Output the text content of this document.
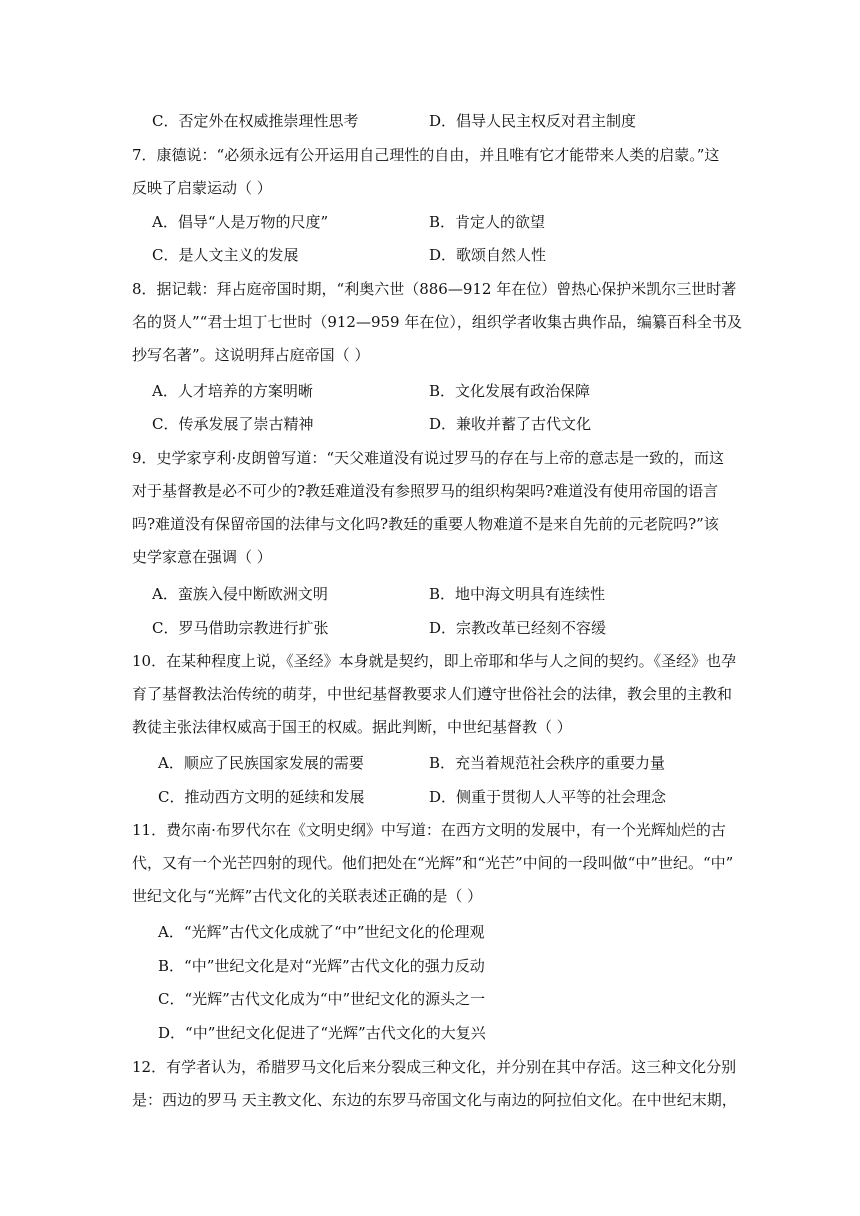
C．否定外在权威推崇理性思考	D．倡导人民主权反对君主制度
7．康德说：“必须永远有公开运用自己理性的自由，并且唯有它才能带来人类的启蒙。”这
反映了启蒙运动（ ）
A．倡导“人是万物的尺度”	B．肯定人的欲望
C．是人文主义的发展	D．歌颂自然人性
8．据记载：拜占庭帝国时期，“利奥六世（886—912 年在位）曾热心保护米凯尔三世时著
名的贤人”“君士坦丁七世时（912—959 年在位），组织学者收集古典作品，编纂百科全书及
抄写名著”。这说明拜占庭帝国（ ）
A．人才培养的方案明晰	B．文化发展有政治保障
C．传承发展了崇古精神	D．兼收并蓄了古代文化
9．史学家亨利·皮朗曾写道：“天父难道没有说过罗马的存在与上帝的意志是一致的，而这
对于基督教是必不可少的?教廷难道没有参照罗马的组织构架吗?难道没有使用帝国的语言
吗?难道没有保留帝国的法律与文化吗?教廷的重要人物难道不是来自先前的元老院吗?”该
史学家意在强调（ ）
A．蛮族入侵中断欧洲文明	B．地中海文明具有连续性
C．罗马借助宗教进行扩张	D．宗教改革已经刻不容缓
10．在某种程度上说，《圣经》本身就是契约，即上帝耶和华与人之间的契约。《圣经》也孕
育了基督教法治传统的萌芽，中世纪基督教要求人们遵守世俗社会的法律，教会里的主教和
教徒主张法律权威高于国王的权威。据此判断，中世纪基督教（ ）
A．顺应了民族国家发展的需要	B．充当着规范社会秩序的重要力量
C．推动西方文明的延续和发展	D．侧重于贯彻人人平等的社会理念
11．费尔南·布罗代尔在《文明史纲》中写道：在西方文明的发展中，有一个光辉灿烂的古
代，又有一个光芒四射的现代。他们把处在“光辉”和“光芒”中间的一段叫做“中”世纪。“中”
世纪文化与“光辉”古代文化的关联表述正确的是（ ）
A．“光辉”古代文化成就了“中”世纪文化的伦理观
B．“中”世纪文化是对“光辉”古代文化的强力反动
C．“光辉”古代文化成为“中”世纪文化的源头之一
D．“中”世纪文化促进了“光辉”古代文化的大复兴
12．有学者认为，希腊罗马文化后来分裂成三种文化，并分别在其中存活。这三种文化分别
是：西边的罗马 天主教文化、东边的东罗马帝国文化与南边的阿拉伯文化。在中世纪末期，
